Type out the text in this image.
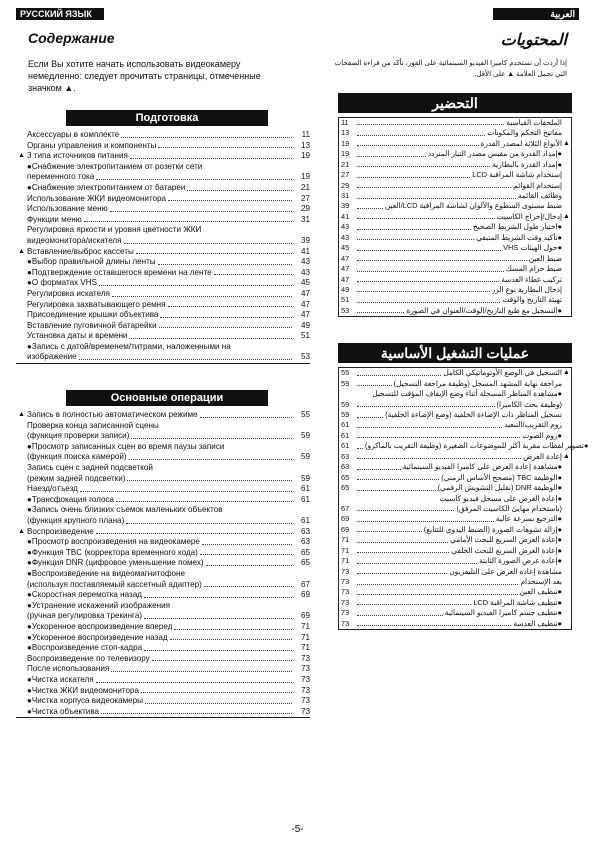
РУССКИЙ ЯЗЫК	العربية
Содержание	المحتويات
Если Вы хотите начать использовать видеокамеру немедленно: следует прочитать страницы, отмеченные значком ▲.
إذا أردت أن تستخدم كاميرا الفيديو السينمائية على الفور، تأكد من قراءة الصفحات التي تحمل العلامة ▲ على الأقل.
Подготовка
Аксессуары в комплекте	11
Органы управления и компоненты	13
▲ 3 типа источников питания	19
●Снабжение электропитанием от розетки сети
переменного тока	19
●Снабжение электропитанием от батареи	21
Использование ЖКИ видеомонитора	27
Использование меню	29
Функции меню	31
Регулировка яркости и уровня цветности ЖКИ
видеомонитора/искателя	39
▲ Вставление/выброс кассеты	41
●Выбор правильной длины ленты	43
●Подтверждение оставшегося времени на ленте	43
●О форматах VHS	45
Регулировка искателя	47
Регулировка захватывающего ремня	47
Присоединение крышки объектива	47
Вставление пуговичной батарейки	49
Установка даты и времени	51
●Запись с датой/временем/титрами, наложенными на
изображение	53
Основные операции
▲ Запись в полностью автоматическом режиме	55
Проверка конца записанной сцены
(функция проверки записи)	59
●Просмотр записанных сцен во время паузы записи
(функция поиска камерой)	59
Запись сцен с задней подсветкой
(режим задней подсветки)	59
Наезд/отъезд	61
●Трансфокация голоса	61
●Запись очень близких съемок маленьких объектов
(функция крупного плана)	61
▲ Воспроизведение	63
●Просмотр воспроизведения на видеокамере	63
●Функция TBC (корректора временного кода)	65
●Функция DNR (цифровое уменьшение помех)	65
●Воспроизведение на видеомагнитофоне
(используя поставляемый кассетный адаптер)	67
●Скоростная перемотка назад	69
●Устранение искажений изображения
(ручная регулировка трекинга)	69
●Ускоренное воспроизведение вперед	71
●Ускоренное воспроизведение назад	71
●Воспроизведение стоп-кадра	71
Воспроизведение по телевизору	73
После использования	73
●Чистка искателя	73
●Чистка ЖКИ видеомонитора	73
●Чистка корпуса видеокамеры	73
●Чистка объектива	73
التحضير
11	الملحقات القياسية
13	مفاتيح التحكم والمكونات
19	الأنواع الثلاثة لمصدر القدرة ▲
19	●إمداد القدرة من مقبس مصدر التيار المتردد
21	●إمداد القدرة بالبطارية
27	إستخدام شاشة المراقبة LCD
29	إستخدام القوائم
31	وظائف القائمة
39	ضبط مستوى السطوع والألوان لشاشة المراقبة LCD/العين
41	إدخال/إخراج الكاسيت ▲
43	●اختيار طول الشريط الصحيح
43	●تأكيد وقت الشريط المتبقي
45	●حول الهيئات VHS
47	ضبط العين
47	ضبط حزام المسك
47	تركيب غطاء العدسة
49	إدخال البطارية نوع الزر
51	تهيئة التاريخ والوقت
53	●التسجيل مع طبع التاريخ/الوقت/العنوان في الصورة
عمليات التشغيل الأساسية
55	التسجيل في الوضع الأوتوماتيكي الكامل ▲
59	مراجعة نهاية المشهد المسجل (وظيفة مراجعة التسجيل)
●مشاهدة المناظر المسجلة أثناء وضع الإيقاف المؤقت للتسجيل
59	(وظيفة بحث الكاميرا)
59	تسجيل المناظر ذات الإضاءة الخلفية (وضع الإضاءة الخلفية)
61	زوم التقريب/التبعيد
61	●زوم الصوت
61	●تصوير لقطات مقربة أكثر للموضوعات الصغيرة (وظيفة التقريب بالماكرو)
63	إعادة العرض ▲
63	●مشاهدة إعادة العرض على كاميرا الفيديو السينمائية
65	●الوظيفة TBC (مصحح الأساس الزمني)
65	●الوظيفة DNR (تقليل التشويش الرقمي)
●إعادة العرض على مسجل فيديو كاسيت
67	(باستخدام مهايئ الكاسيت المرفق)
69	●الترجيع بسرعة عالية
69	●إزالة تشوهات الصورة (الضبط اليدوي للتتابع)
71	●إعادة العرض السريع للبحث الأمامي
71	●إعادة العرض السريع للبحث الخلفي
71	●إعادة عرض الصورة الثابتة
73	مشاهدة إعادة العرض على التليفزيون
73	بعد الإستخدام
73	●تنظيف العين
73	●تنظيف شاشة المراقبة LCD
73	●تنظيف جسم كاميرا الفيديو السينمائية
73	●تنظيف العدسة
-5-
